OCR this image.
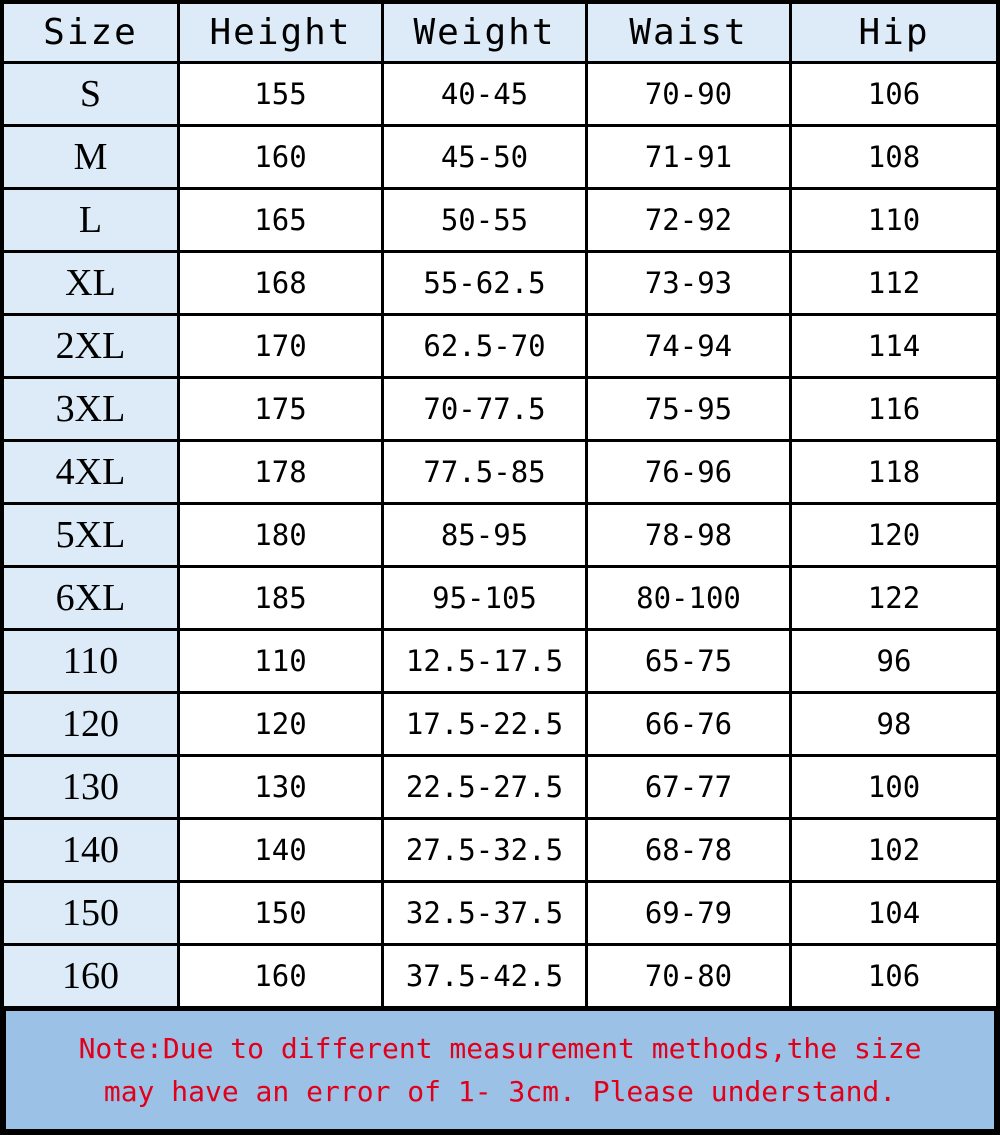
Size	Height	Weight	Waist	Hip
S	155	40-45	70-90	106
M	160	45-50	71-91	108
L	165	50-55	72-92	110
XL	168	55-62.5	73-93	112
2XL	170	62.5-70	74-94	114
3XL	175	70-77.5	75-95	116
4XL	178	77.5-85	76-96	118
5XL	180	85-95	78-98	120
6XL	185	95-105	80-100	122
110	110	12.5-17.5	65-75	96
120	120	17.5-22.5	66-76	98
130	130	22.5-27.5	67-77	100
140	140	27.5-32.5	68-78	102
150	150	32.5-37.5	69-79	104
160	160	37.5-42.5	70-80	106
Note:Due to different measurement methods,the size
may have an error of 1- 3cm. Please understand.
